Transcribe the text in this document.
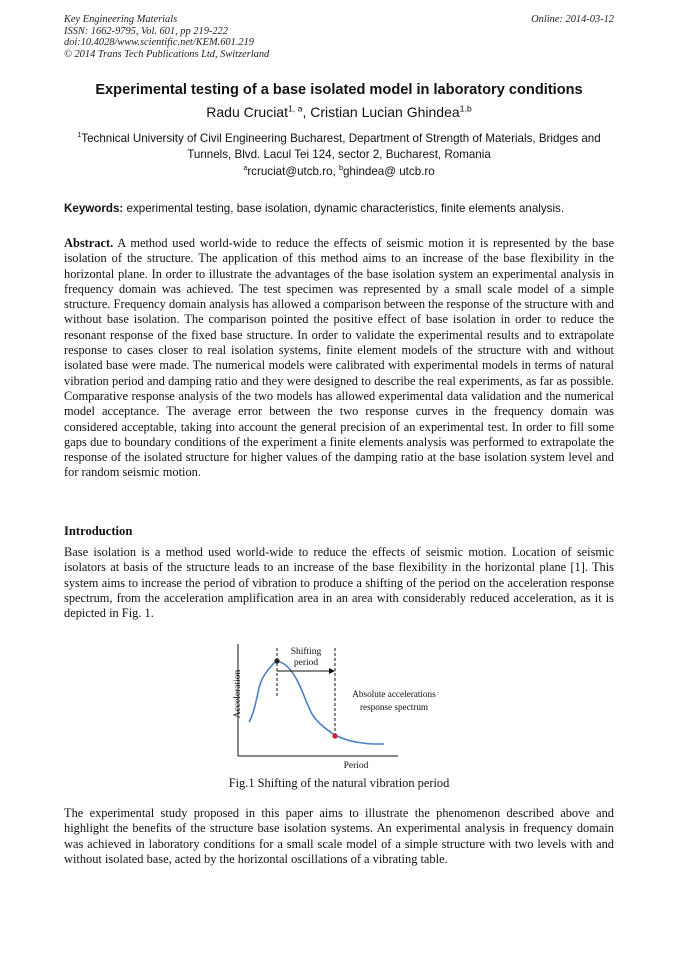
Key Engineering Materials
ISSN: 1662-9795, Vol. 601, pp 219-222
doi:10.4028/www.scientific.net/KEM.601.219
© 2014 Trans Tech Publications Ltd, Switzerland
Online: 2014-03-12
Experimental testing of a base isolated model in laboratory conditions
Radu Cruciat$^{1, a}$, Cristian Lucian Ghindea$^{1,b}$
$^1$Technical University of Civil Engineering Bucharest, Department of Strength of Materials, Bridges and Tunnels, Blvd. Lacul Tei 124, sector 2, Bucharest, Romania
$^a$rcruciat@utcb.ro, $^b$ghindea@ utcb.ro
Keywords: experimental testing, base isolation, dynamic characteristics, finite elements analysis.

Abstract. A method used world-wide to reduce the effects of seismic motion it is represented by the base isolation of the structure. The application of this method aims to an increase of the base flexibility in the horizontal plane. In order to illustrate the advantages of the base isolation system an experimental analysis in frequency domain was achieved. The test specimen was represented by a small scale model of a simple structure. Frequency domain analysis has allowed a comparison between the response of the structure with and without base isolation. The comparison pointed the positive effect of base isolation in order to reduce the resonant response of the fixed base structure. In order to validate the experimental results and to extrapolate response to cases closer to real isolation systems, finite element models of the structure with and without isolated base were made. The numerical models were calibrated with experimental models in terms of natural vibration period and damping ratio and they were designed to describe the real experiments, as far as possible. Comparative response analysis of the two models has allowed experimental data validation and the numerical model acceptance. The average error between the two response curves in the frequency domain was considered acceptable, taking into account the general precision of an experimental test. In order to fill some gaps due to boundary conditions of the experiment a finite elements analysis was performed to extrapolate the response of the isolated structure for higher values of the damping ratio at the base isolation system level and for random seismic motion.

Introduction

Base isolation is a method used world-wide to reduce the effects of seismic motion. Location of seismic isolators at basis of the structure leads to an increase of the base flexibility in the horizontal plane [1]. This system aims to increase the period of vibration to produce a shifting of the period on the acceleration response spectrum, from the acceleration amplification area in an area with considerably reduced acceleration, as it is depicted in Fig. 1.

Acceleration
Period
Shifting
period
Absolute accelerations
response spectrum
Fig.1 Shifting of the natural vibration period

The experimental study proposed in this paper aims to illustrate the phenomenon described above and highlight the benefits of the structure base isolation systems. An experimental analysis in frequency domain was achieved in laboratory conditions for a small scale model of a simple structure with two levels with and without isolated base, acted by the horizontal oscillations of a vibrating table.
